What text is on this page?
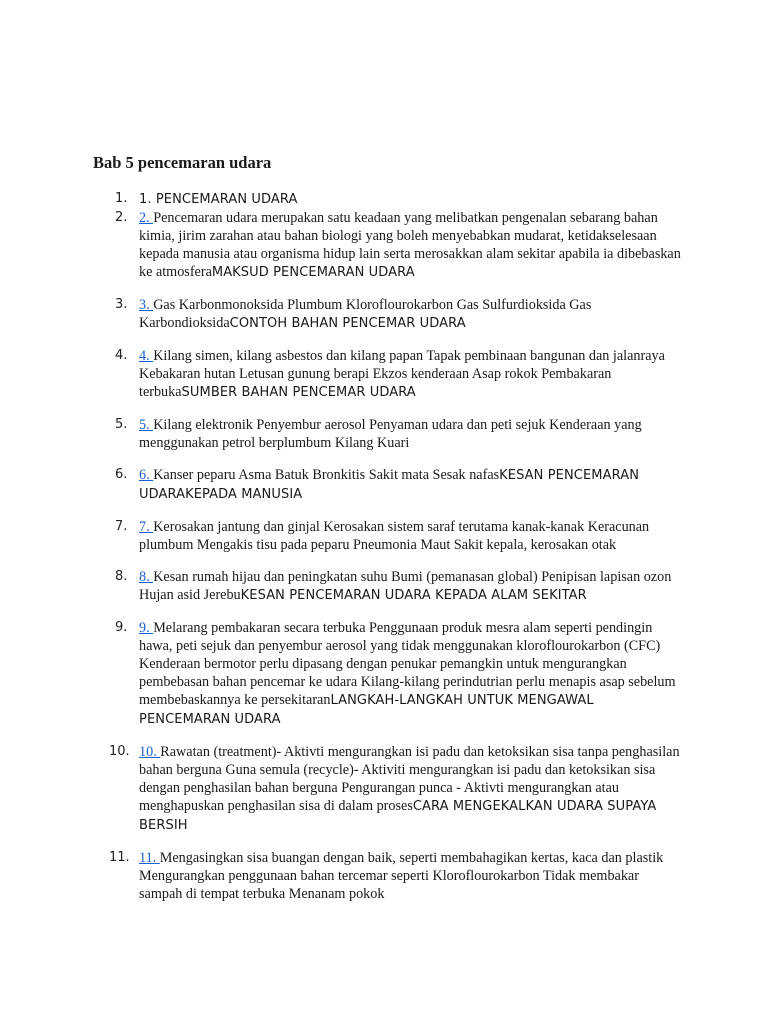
Bab 5 pencemaran udara
1. 1. PENCEMARAN UDARA
2. 2. Pencemaran udara merupakan satu keadaan yang melibatkan pengenalan sebarang bahan kimia, jirim zarahan atau bahan biologi yang boleh menyebabkan mudarat, ketidakselesaan kepada manusia atau organisma hidup lain serta merosakkan alam sekitar apabila ia dibebaskan ke atmosferaMAKSUD PENCEMARAN UDARA
3. 3. Gas Karbonmonoksida Plumbum Kloroflourokarbon Gas Sulfurdioksida Gas KarbondioksidaCONTOH BAHAN PENCEMAR UDARA
4. 4. Kilang simen, kilang asbestos dan kilang papan Tapak pembinaan bangunan dan jalanraya Kebakaran hutan Letusan gunung berapi Ekzos kenderaan Asap rokok Pembakaran terbukaSUMBER BAHAN PENCEMAR UDARA
5. 5. Kilang elektronik Penyembur aerosol Penyaman udara dan peti sejuk Kenderaan yang menggunakan petrol berplumbum Kilang Kuari
6. 6. Kanser peparu Asma Batuk Bronkitis Sakit mata Sesak nafasKESAN PENCEMARAN UDARAKEPADA MANUSIA
7. 7. Kerosakan jantung dan ginjal Kerosakan sistem saraf terutama kanak-kanak Keracunan plumbum Mengakis tisu pada peparu Pneumonia Maut Sakit kepala, kerosakan otak
8. 8. Kesan rumah hijau dan peningkatan suhu Bumi (pemanasan global) Penipisan lapisan ozon Hujan asid JerebuKESAN PENCEMARAN UDARA KEPADA ALAM SEKITAR
9. 9. Melarang pembakaran secara terbuka Penggunaan produk mesra alam seperti pendingin hawa, peti sejuk dan penyembur aerosol yang tidak menggunakan kloroflourokarbon (CFC) Kenderaan bermotor perlu dipasang dengan penukar pemangkin untuk mengurangkan pembebasan bahan pencemar ke udara Kilang-kilang perindutrian perlu menapis asap sebelum membebaskannya ke persekitaranLANGKAH-LANGKAH UNTUK MENGAWAL PENCEMARAN UDARA
10. 10. Rawatan (treatment)- Aktivti mengurangkan isi padu dan ketoksikan sisa tanpa penghasilan bahan berguna Guna semula (recycle)- Aktiviti mengurangkan isi padu dan ketoksikan sisa dengan penghasilan bahan berguna Pengurangan punca - Aktivti mengurangkan atau menghapuskan penghasilan sisa di dalam prosesCARA MENGEKALKAN UDARA SUPAYA BERSIH
11. 11. Mengasingkan sisa buangan dengan baik, seperti membahagikan kertas, kaca dan plastik Mengurangkan penggunaan bahan tercemar seperti Kloroflourokarbon Tidak membakar sampah di tempat terbuka Menanam pokok
